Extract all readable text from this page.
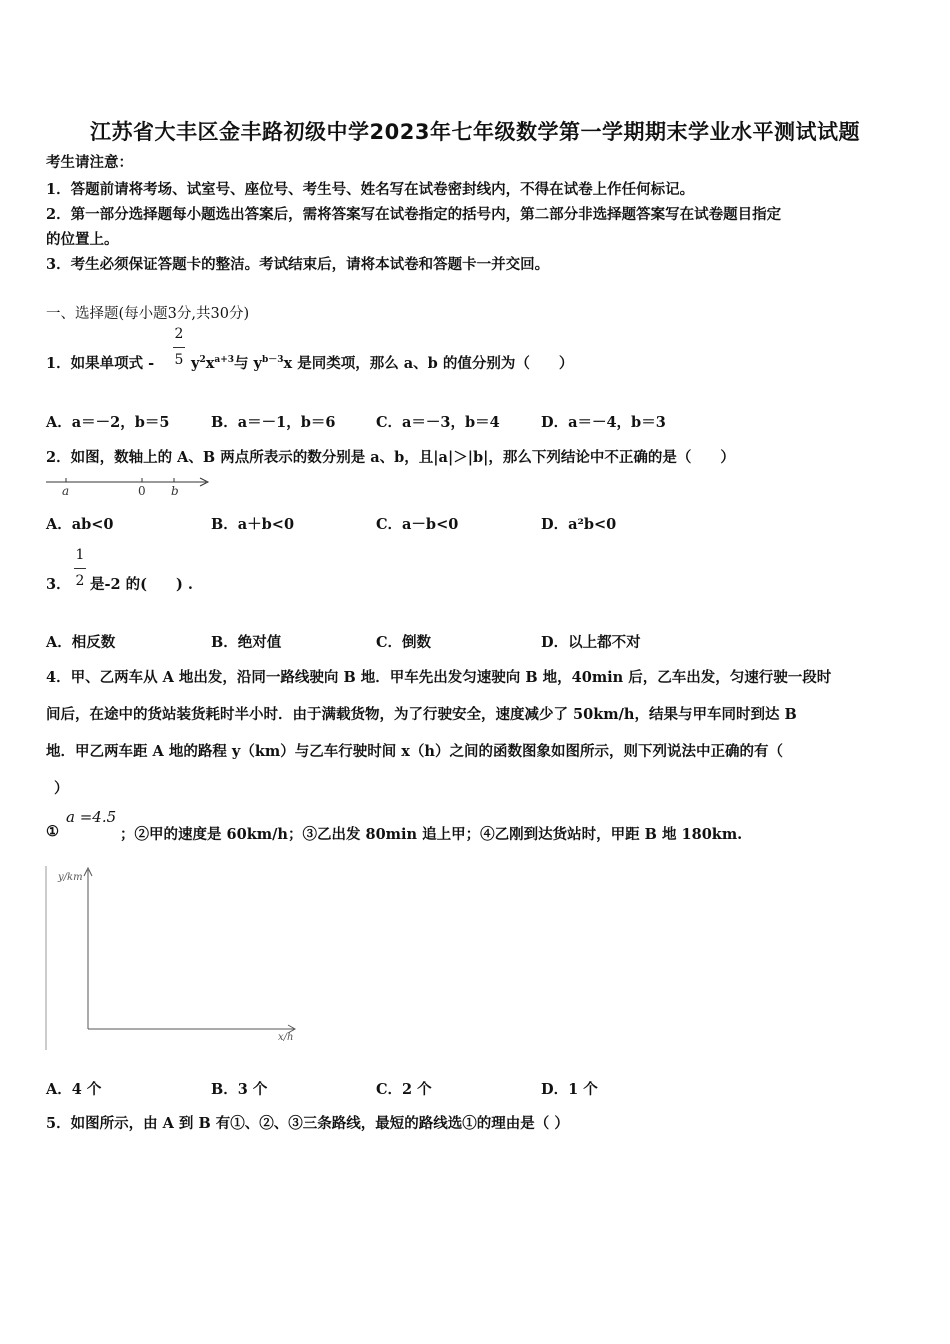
江苏省大丰区金丰路初级中学2023年七年级数学第一学期期末学业水平测试试题
考生请注意：
1．答题前请将考场、试室号、座位号、考生号、姓名写在试卷密封线内，不得在试卷上作任何标记。
2．第一部分选择题每小题选出答案后，需将答案写在试卷指定的括号内，第二部分非选择题答案写在试卷题目指定
的位置上。
3．考生必须保证答题卡的整洁。考试结束后，请将本试卷和答题卡一并交回。
一、选择题(每小题3分,共30分)
1．如果单项式 -
2
5 $y^2x^{a+3}$与 $y^{b-3}x$ 是同类项，那么 a、b 的值分别为（　　）
A．a＝－2，b＝5	B．a＝－1，b＝6	C．a＝－3，b＝4	D．a＝－4，b＝3
2．如图，数轴上的 A、B 两点所表示的数分别是 a、b，且|a|＞|b|，那么下列结论中不正确的是（　　）
a	0 b
A．ab<0	B．a＋b<0	C．a－b<0	D．a²b<0
3．
1
2 是-2 的(　　) .
A．相反数	B．绝对值	C．倒数	D．以上都不对
4．甲、乙两车从 A 地出发，沿同一路线驶向 B 地．甲车先出发匀速驶向 B 地，40min 后，乙车出发，匀速行驶一段时
间后，在途中的货站装货耗时半小时．由于满载货物，为了行驶安全，速度减少了 50km/h，结果与甲车同时到达 B
地．甲乙两车距 A 地的路程 y（km）与乙车行驶时间 x（h）之间的函数图象如图所示，则下列说法中正确的有（
）
①
a =4.5
；②甲的速度是 60km/h；③乙出发 80min 追上甲；④乙刚到达货站时，甲距 B 地 180km.
y/km
x/h
A．4 个	B．3 个	C．2 个	D．1 个
5．如图所示，由 A 到 B 有①、②、③三条路线，最短的路线选①的理由是（ ）
